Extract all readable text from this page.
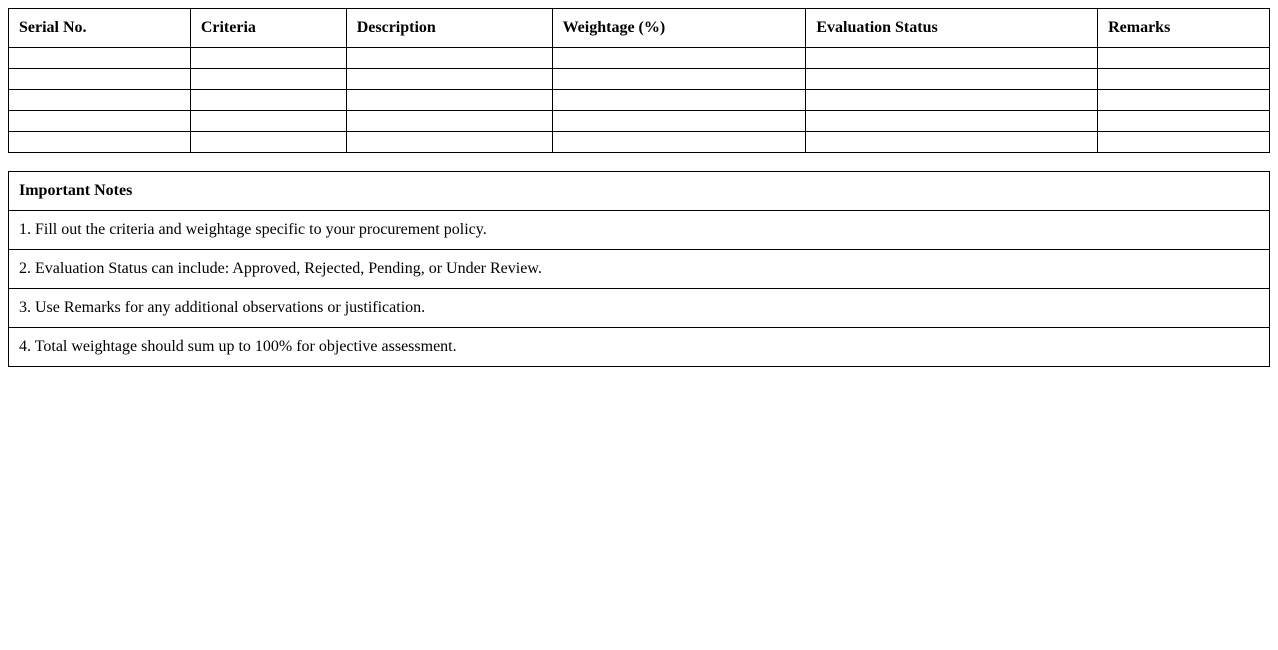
Serial No.	Criteria	Description	Weightage (%)	Evaluation Status	Remarks

Important Notes
1. Fill out the criteria and weightage specific to your procurement policy.
2. Evaluation Status can include: Approved, Rejected, Pending, or Under Review.
3. Use Remarks for any additional observations or justification.
4. Total weightage should sum up to 100% for objective assessment.
